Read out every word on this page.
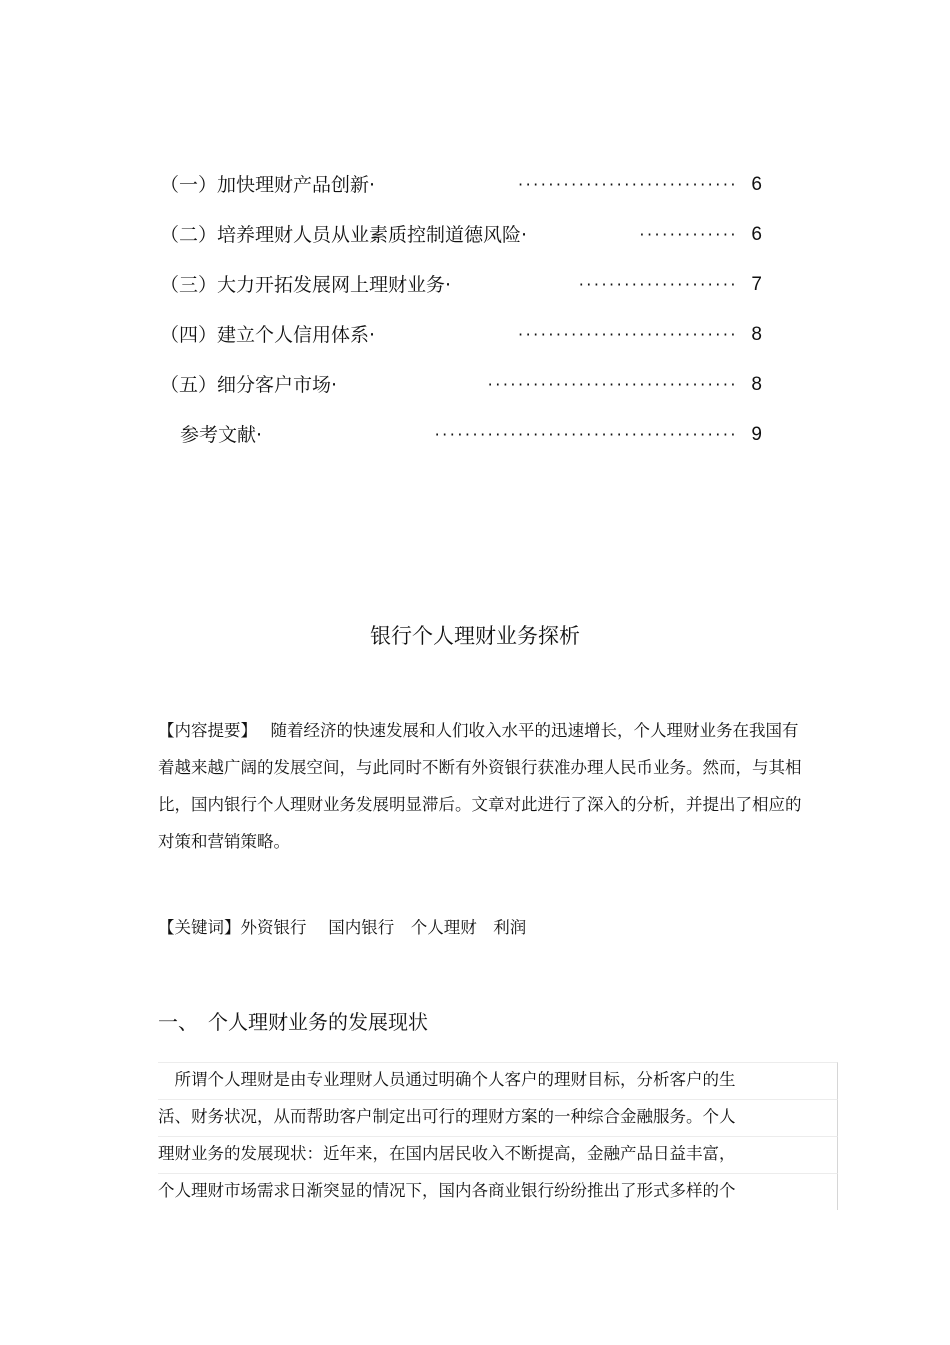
（一）加快理财产品创新·	····························· 6
（二）培养理财人员从业素质控制道德风险·	············· 6
（三）大力开拓发展网上理财业务·	····················· 7
（四）建立个人信用体系·	····························· 8
（五）细分客户市场·	································· 8
参考文献·	········································ 9
银行个人理财业务探析
【内容提要】　 随着经济的快速发展和人们收入水平的迅速增长，个人理财业务在我国有着越来越广阔的发展空间，与此同时不断有外资银行获准办理人民币业务。然而，与其相比，国内银行个人理财业务发展明显滞后。文章对此进行了深入的分析，并提出了相应的对策和营销策略。
【关键词】外资银行　 国内银行　个人理财　利润
一、　个人理财业务的发展现状
　所谓个人理财是由专业理财人员通过明确个人客户的理财目标，分析客户的生
活、财务状况，从而帮助客户制定出可行的理财方案的一种综合金融服务。个人
理财业务的发展现状：近年来，在国内居民收入不断提高，金融产品日益丰富，
个人理财市场需求日渐突显的情况下，国内各商业银行纷纷推出了形式多样的个
